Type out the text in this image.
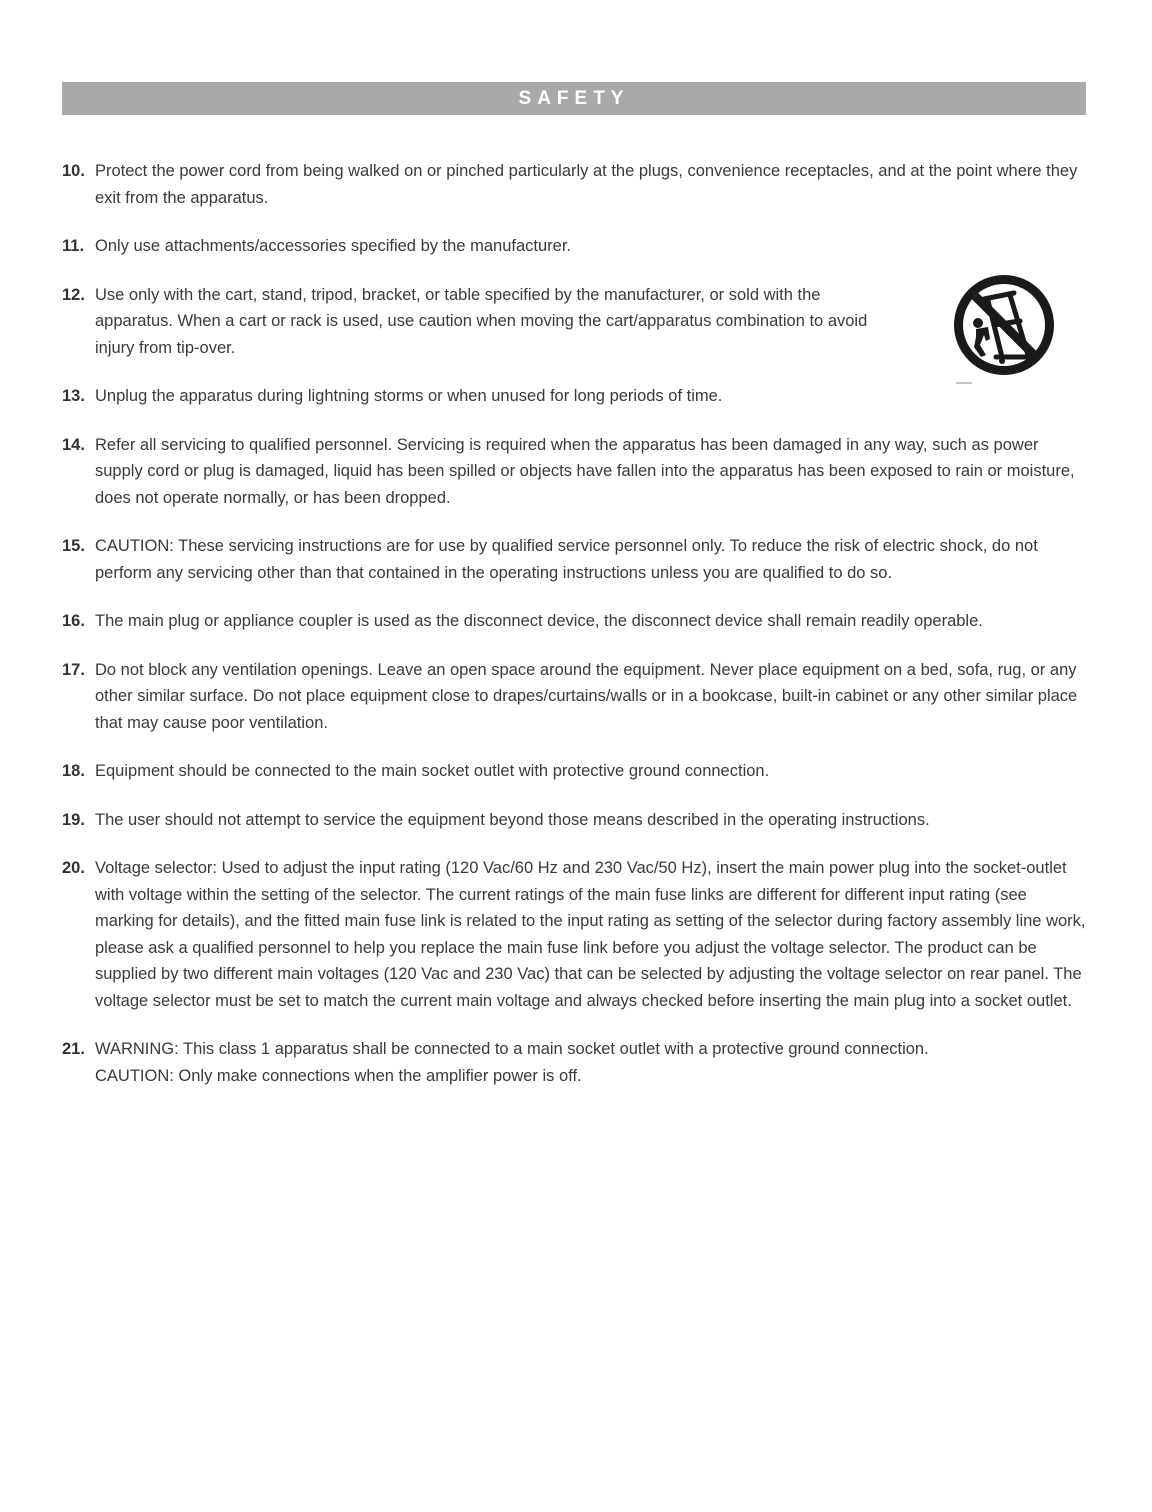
SAFETY
10. Protect the power cord from being walked on or pinched particularly at the plugs, convenience receptacles, and at the point where they exit from the apparatus.
11. Only use attachments/accessories specified by the manufacturer.
12. Use only with the cart, stand, tripod, bracket, or table specified by the manufacturer, or sold with the apparatus. When a cart or rack is used, use caution when moving the cart/apparatus combination to avoid injury from tip-over.
13. Unplug the apparatus during lightning storms or when unused for long periods of time.
14. Refer all servicing to qualified personnel. Servicing is required when the apparatus has been damaged in any way, such as power supply cord or plug is damaged, liquid has been spilled or objects have fallen into the apparatus has been exposed to rain or moisture, does not operate normally, or has been dropped.
15. CAUTION: These servicing instructions are for use by qualified service personnel only. To reduce the risk of electric shock, do not perform any servicing other than that contained in the operating instructions unless you are qualified to do so.
16. The main plug or appliance coupler is used as the disconnect device, the disconnect device shall remain readily operable.
17. Do not block any ventilation openings. Leave an open space around the equipment. Never place equipment on a bed, sofa, rug, or any other similar surface. Do not place equipment close to drapes/curtains/walls or in a bookcase, built-in cabinet or any other similar place that may cause poor ventilation.
18. Equipment should be connected to the main socket outlet with protective ground connection.
19. The user should not attempt to service the equipment beyond those means described in the operating instructions.
20. Voltage selector: Used to adjust the input rating (120 Vac/60 Hz and 230 Vac/50 Hz), insert the main power plug into the socket-outlet with voltage within the setting of the selector. The current ratings of the main fuse links are different for different input rating (see marking for details), and the fitted main fuse link is related to the input rating as setting of the selector during factory assembly line work, please ask a qualified personnel to help you replace the main fuse link before you adjust the voltage selector. The product can be supplied by two different main voltages (120 Vac and 230 Vac) that can be selected by adjusting the voltage selector on rear panel. The voltage selector must be set to match the current main voltage and always checked before inserting the main plug into a socket outlet.
21. WARNING: This class 1 apparatus shall be connected to a main socket outlet with a protective ground connection.
CAUTION: Only make connections when the amplifier power is off.
